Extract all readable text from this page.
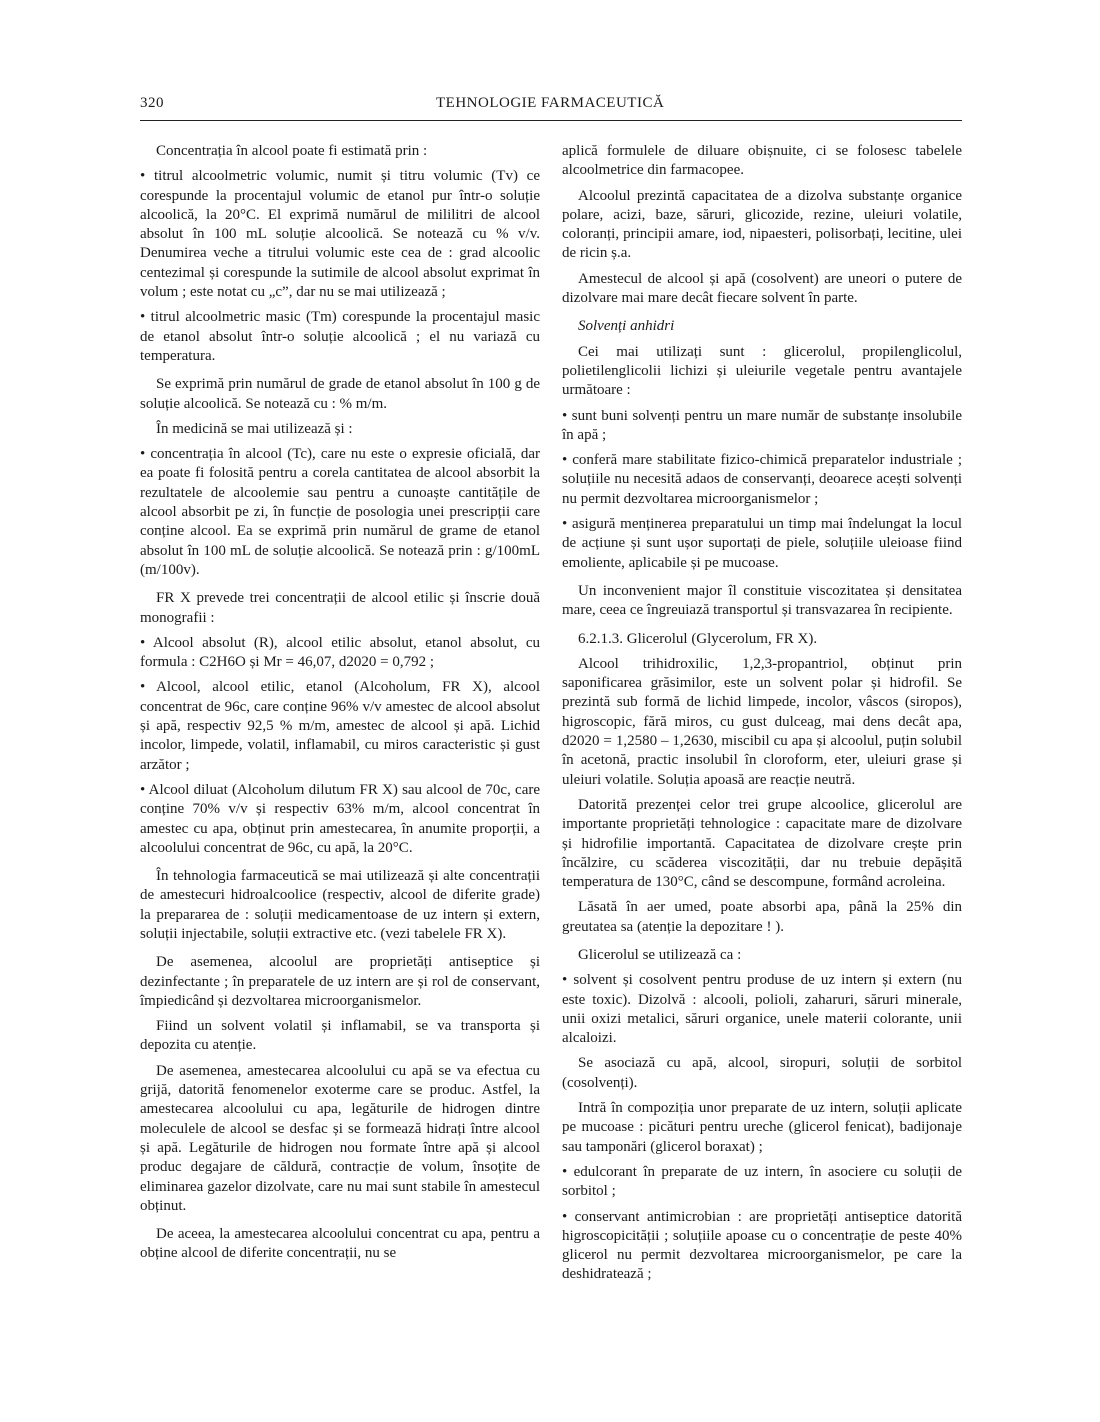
320	TEHNOLOGIE FARMACEUTICĂ

Concentrația în alcool poate fi estimată prin :

• titrul alcoolmetric volumic, numit și titru volumic (Tv) ce corespunde la procentajul volumic de etanol pur într-o soluție alcoolică, la 20°C. El exprimă numărul de mililitri de alcool absolut în 100 mL soluție alcoolică. Se notează cu % v/v. Denumirea veche a titrului volumic este cea de : grad alcoolic centezimal și corespunde la sutimile de alcool absolut exprimat în volum ; este notat cu „c”, dar nu se mai utilizează ;

• titrul alcoolmetric masic (Tm) corespunde la procentajul masic de etanol absolut într-o soluție alcoolică ; el nu variază cu temperatura.

Se exprimă prin numărul de grade de etanol absolut în 100 g de soluție alcoolică. Se notează cu : % m/m.

În medicină se mai utilizează și :

• concentrația în alcool (Tc), care nu este o expresie oficială, dar ea poate fi folosită pentru a corela cantitatea de alcool absorbit la rezultatele de alcoolemie sau pentru a cunoaște cantitățile de alcool absorbit pe zi, în funcție de posologia unei prescripții care conține alcool. Ea se exprimă prin numărul de grame de etanol absolut în 100 mL de soluție alcoolică. Se notează prin : g/100mL (m/100v).

FR X prevede trei concentrații de alcool etilic și înscrie două monografii :

• Alcool absolut (R), alcool etilic absolut, etanol absolut, cu formula : C2H6O și Mr = 46,07, d2020 = 0,792 ;

• Alcool, alcool etilic, etanol (Alcoholum, FR X), alcool concentrat de 96c, care conține 96% v/v amestec de alcool absolut și apă, respectiv 92,5 % m/m, amestec de alcool și apă. Lichid incolor, limpede, volatil, inflamabil, cu miros caracteristic și gust arzător ;

• Alcool diluat (Alcoholum dilutum FR X) sau alcool de 70c, care conține 70% v/v și respectiv 63% m/m, alcool concentrat în amestec cu apa, obținut prin amestecarea, în anumite proporții, a alcoolului concentrat de 96c, cu apă, la 20°C.

În tehnologia farmaceutică se mai utilizează și alte concentrații de amestecuri hidroalcoolice (respectiv, alcool de diferite grade) la prepararea de : soluții medicamentoase de uz intern și extern, soluții injectabile, soluții extractive etc. (vezi tabelele FR X).

De asemenea, alcoolul are proprietăți antiseptice și dezinfectante ; în preparatele de uz intern are și rol de conservant, împiedicând și dezvoltarea microorganismelor.

Fiind un solvent volatil și inflamabil, se va transporta și depozita cu atenție.

De asemenea, amestecarea alcoolului cu apă se va efectua cu grijă, datorită fenomenelor exoterme care se produc. Astfel, la amestecarea alcoolului cu apa, legăturile de hidrogen dintre moleculele de alcool se desfac și se formează hidrați între alcool și apă. Legăturile de hidrogen nou formate între apă și alcool produc degajare de căldură, contracție de volum, însoțite de eliminarea gazelor dizolvate, care nu mai sunt stabile în amestecul obținut.

De aceea, la amestecarea alcoolului concentrat cu apa, pentru a obține alcool de diferite concentrații, nu se

aplică formulele de diluare obișnuite, ci se folosesc tabelele alcoolmetrice din farmacopee.

Alcoolul prezintă capacitatea de a dizolva substanțe organice polare, acizi, baze, săruri, glicozide, rezine, uleiuri volatile, coloranți, principii amare, iod, nipaesteri, polisorbați, lecitine, ulei de ricin ș.a.

Amestecul de alcool și apă (cosolvent) are uneori o putere de dizolvare mai mare decât fiecare solvent în parte.

Solvenți anhidri

Cei mai utilizați sunt : glicerolul, propilenglicolul, polietilenglicolii lichizi și uleiurile vegetale pentru avantajele următoare :

• sunt buni solvenți pentru un mare număr de substanțe insolubile în apă ;

• conferă mare stabilitate fizico-chimică preparatelor industriale ; soluțiile nu necesită adaos de conservanți, deoarece acești solvenți nu permit dezvoltarea microorganismelor ;

• asigură menținerea preparatului un timp mai îndelungat la locul de acțiune și sunt ușor suportați de piele, soluțiile uleioase fiind emoliente, aplicabile și pe mucoase.

Un inconvenient major îl constituie viscozitatea și densitatea mare, ceea ce îngreuiază transportul și transvazarea în recipiente.

6.2.1.3. Glicerolul (Glycerolum, FR X).

Alcool trihidroxilic, 1,2,3-propantriol, obținut prin saponificarea grăsimilor, este un solvent polar și hidrofil. Se prezintă sub formă de lichid limpede, incolor, vâscos (siropos), higroscopic, fără miros, cu gust dulceag, mai dens decât apa, d2020 = 1,2580 – 1,2630, miscibil cu apa și alcoolul, puțin solubil în acetonă, practic insolubil în cloroform, eter, uleiuri grase și uleiuri volatile. Soluția apoasă are reacție neutră.

Datorită prezenței celor trei grupe alcoolice, glicerolul are importante proprietăți tehnologice : capacitate mare de dizolvare și hidrofilie importantă. Capacitatea de dizolvare crește prin încălzire, cu scăderea viscozității, dar nu trebuie depășită temperatura de 130°C, când se descompune, formând acroleina.

Lăsată în aer umed, poate absorbi apa, până la 25% din greutatea sa (atenție la depozitare ! ).

Glicerolul se utilizează ca :

• solvent și cosolvent pentru produse de uz intern și extern (nu este toxic). Dizolvă : alcooli, polioli, zaharuri, săruri minerale, unii oxizi metalici, săruri organice, unele materii colorante, unii alcaloizi.

Se asociază cu apă, alcool, siropuri, soluții de sorbitol (cosolvenți).

Intră în compoziția unor preparate de uz intern, soluții aplicate pe mucoase : picături pentru ureche (glicerol fenicat), badijonaje sau tamponări (glicerol boraxat) ;

• edulcorant în preparate de uz intern, în asociere cu soluții de sorbitol ;

• conservant antimicrobian : are proprietăți antiseptice datorită higroscopicității ; soluțiile apoase cu o concentrație de peste 40% glicerol nu permit dezvoltarea microorganismelor, pe care la deshidratează ;
